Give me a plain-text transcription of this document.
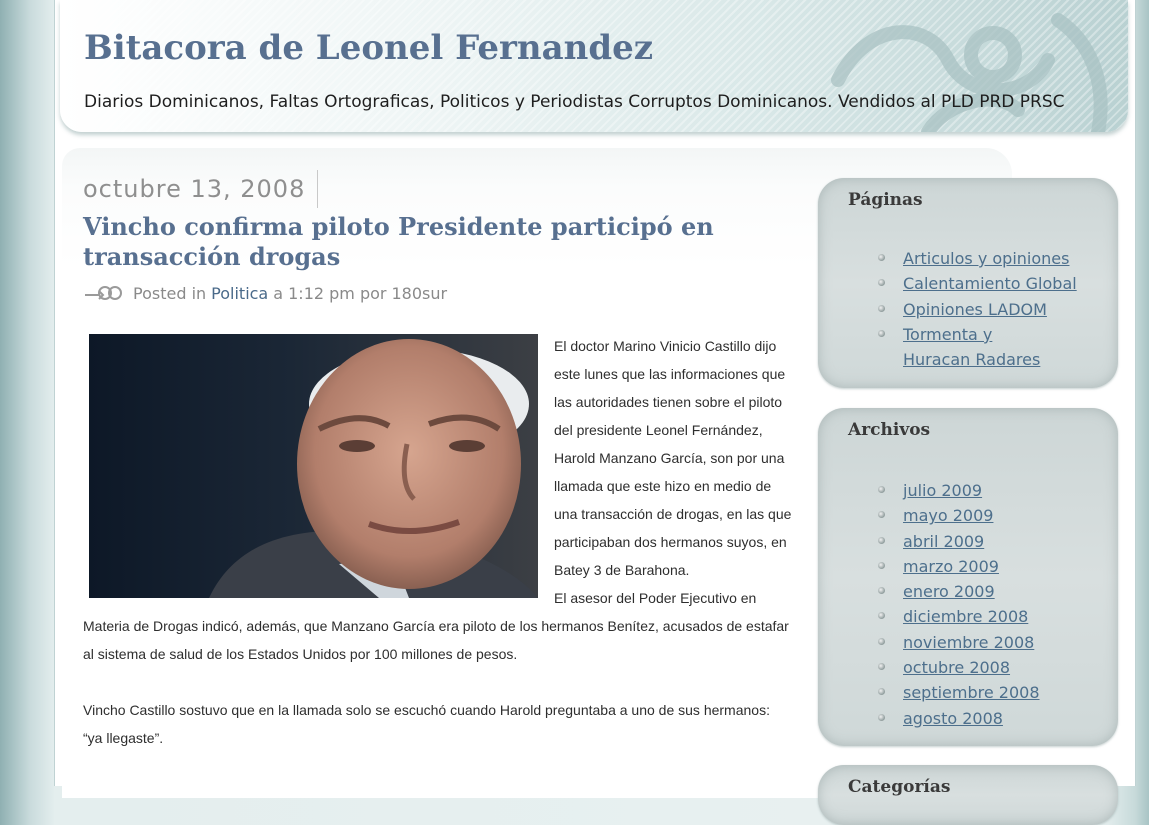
Bitacora de Leonel Fernandez

Diarios Dominicanos, Faltas Ortograficas, Politicos y Periodistas Corruptos Dominicanos. Vendidos al PLD PRD PRSC

octubre 13, 2008
Vincho confirma piloto Presidente participó en transacción drogas
Posted in Politica a 1:12 pm por 180sur

El doctor Marino Vinicio Castillo dijo este lunes que las informaciones que las autoridades tienen sobre el piloto del presidente Leonel Fernández, Harold Manzano García, son por una llamada que este hizo en medio de una transacción de drogas, en las que participaban dos hermanos suyos, en Batey 3 de Barahona.

El asesor del Poder Ejecutivo en Materia de Drogas indicó, además, que Manzano García era piloto de los hermanos Benítez, acusados de estafar al sistema de salud de los Estados Unidos por 100 millones de pesos.

Vincho Castillo sostuvo que en la llamada solo se escuchó cuando Harold preguntaba a uno de sus hermanos: “ya llegaste”.

Páginas
Articulos y opiniones
Calentamiento Global
Opiniones LADOM
Tormenta y Huracan Radares
Archivos
julio 2009
mayo 2009
abril 2009
marzo 2009
enero 2009
diciembre 2008
noviembre 2008
octubre 2008
septiembre 2008
agosto 2008
Categorías
